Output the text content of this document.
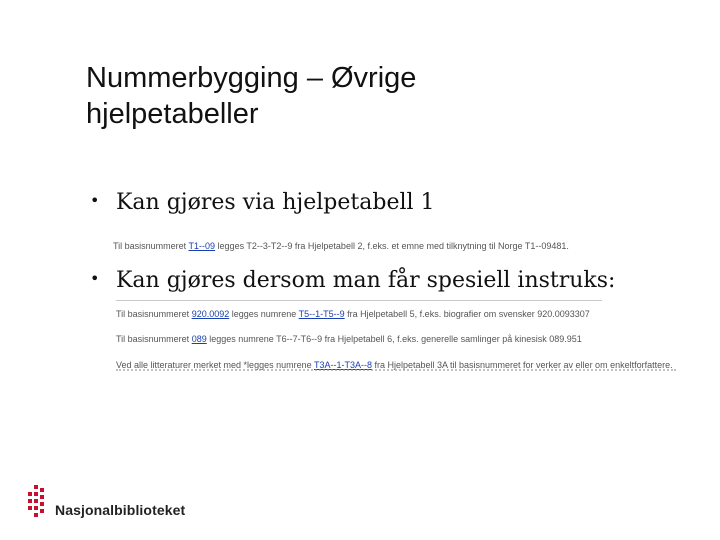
Nummerbygging – Øvrige
hjelpetabeller
• Kan gjøres via hjelpetabell 1
Til basisnummeret T1--09 legges T2--3-T2--9 fra Hjelpetabell 2, f.eks. et emne med tilknytning til Norge T1--09481.
• Kan gjøres dersom man får spesiell instruks:
Til basisnummeret 920.0092 legges numrene T5--1-T5--9 fra Hjelpetabell 5, f.eks. biografier om svensker 920.0093307
Til basisnummeret 089 legges numrene T6--7-T6--9 fra Hjelpetabell 6, f.eks. generelle samlinger på kinesisk 089.951
Ved alle litteraturer merket med *legges numrene T3A--1-T3A--8 fra Hjelpetabell 3A til basisnummeret for verker av eller om enkeltforfattere.
Nasjonalbiblioteket
